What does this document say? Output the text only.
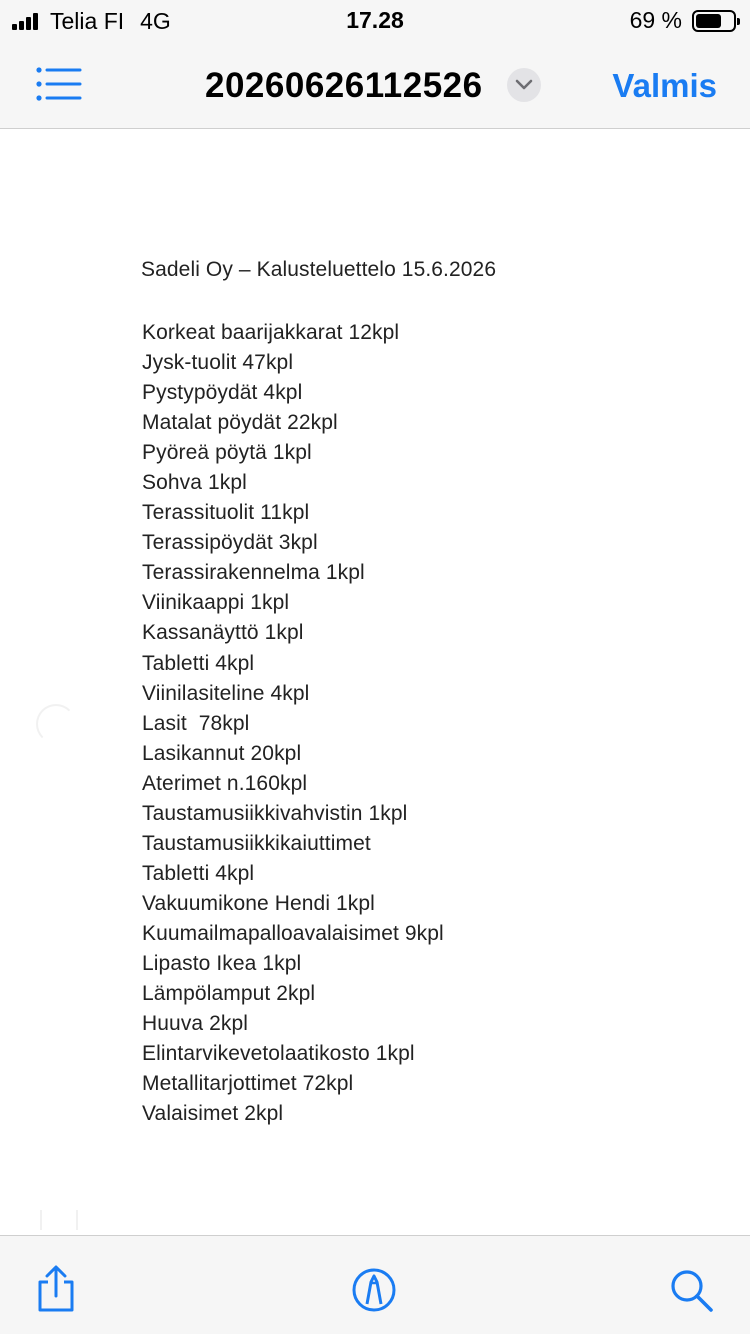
Telia FI 4G	17.28	69 %
20260626112526	Valmis
Sadeli Oy – Kalusteluettelo 15.6.2026
Korkeat baarijakkarat 12kpl
Jysk-tuolit 47kpl
Pystypöydät 4kpl
Matalat pöydät 22kpl
Pyöreä pöytä 1kpl
Sohva 1kpl
Terassituolit 11kpl
Terassipöydät 3kpl
Terassirakennelma 1kpl
Viinikaappi 1kpl
Kassanäyttö 1kpl
Tabletti 4kpl
Viinilasiteline 4kpl
Lasit  78kpl
Lasikannut 20kpl
Aterimet n.160kpl
Taustamusiikkivahvistin 1kpl
Taustamusiikkikaiuttimet
Tabletti 4kpl
Vakuumikone Hendi 1kpl
Kuumailmapalloavalaisimet 9kpl
Lipasto Ikea 1kpl
Lämpölamput 2kpl
Huuva 2kpl
Elintarvikevetolaatikosto 1kpl
Metallitarjottimet 72kpl
Valaisimet 2kpl
